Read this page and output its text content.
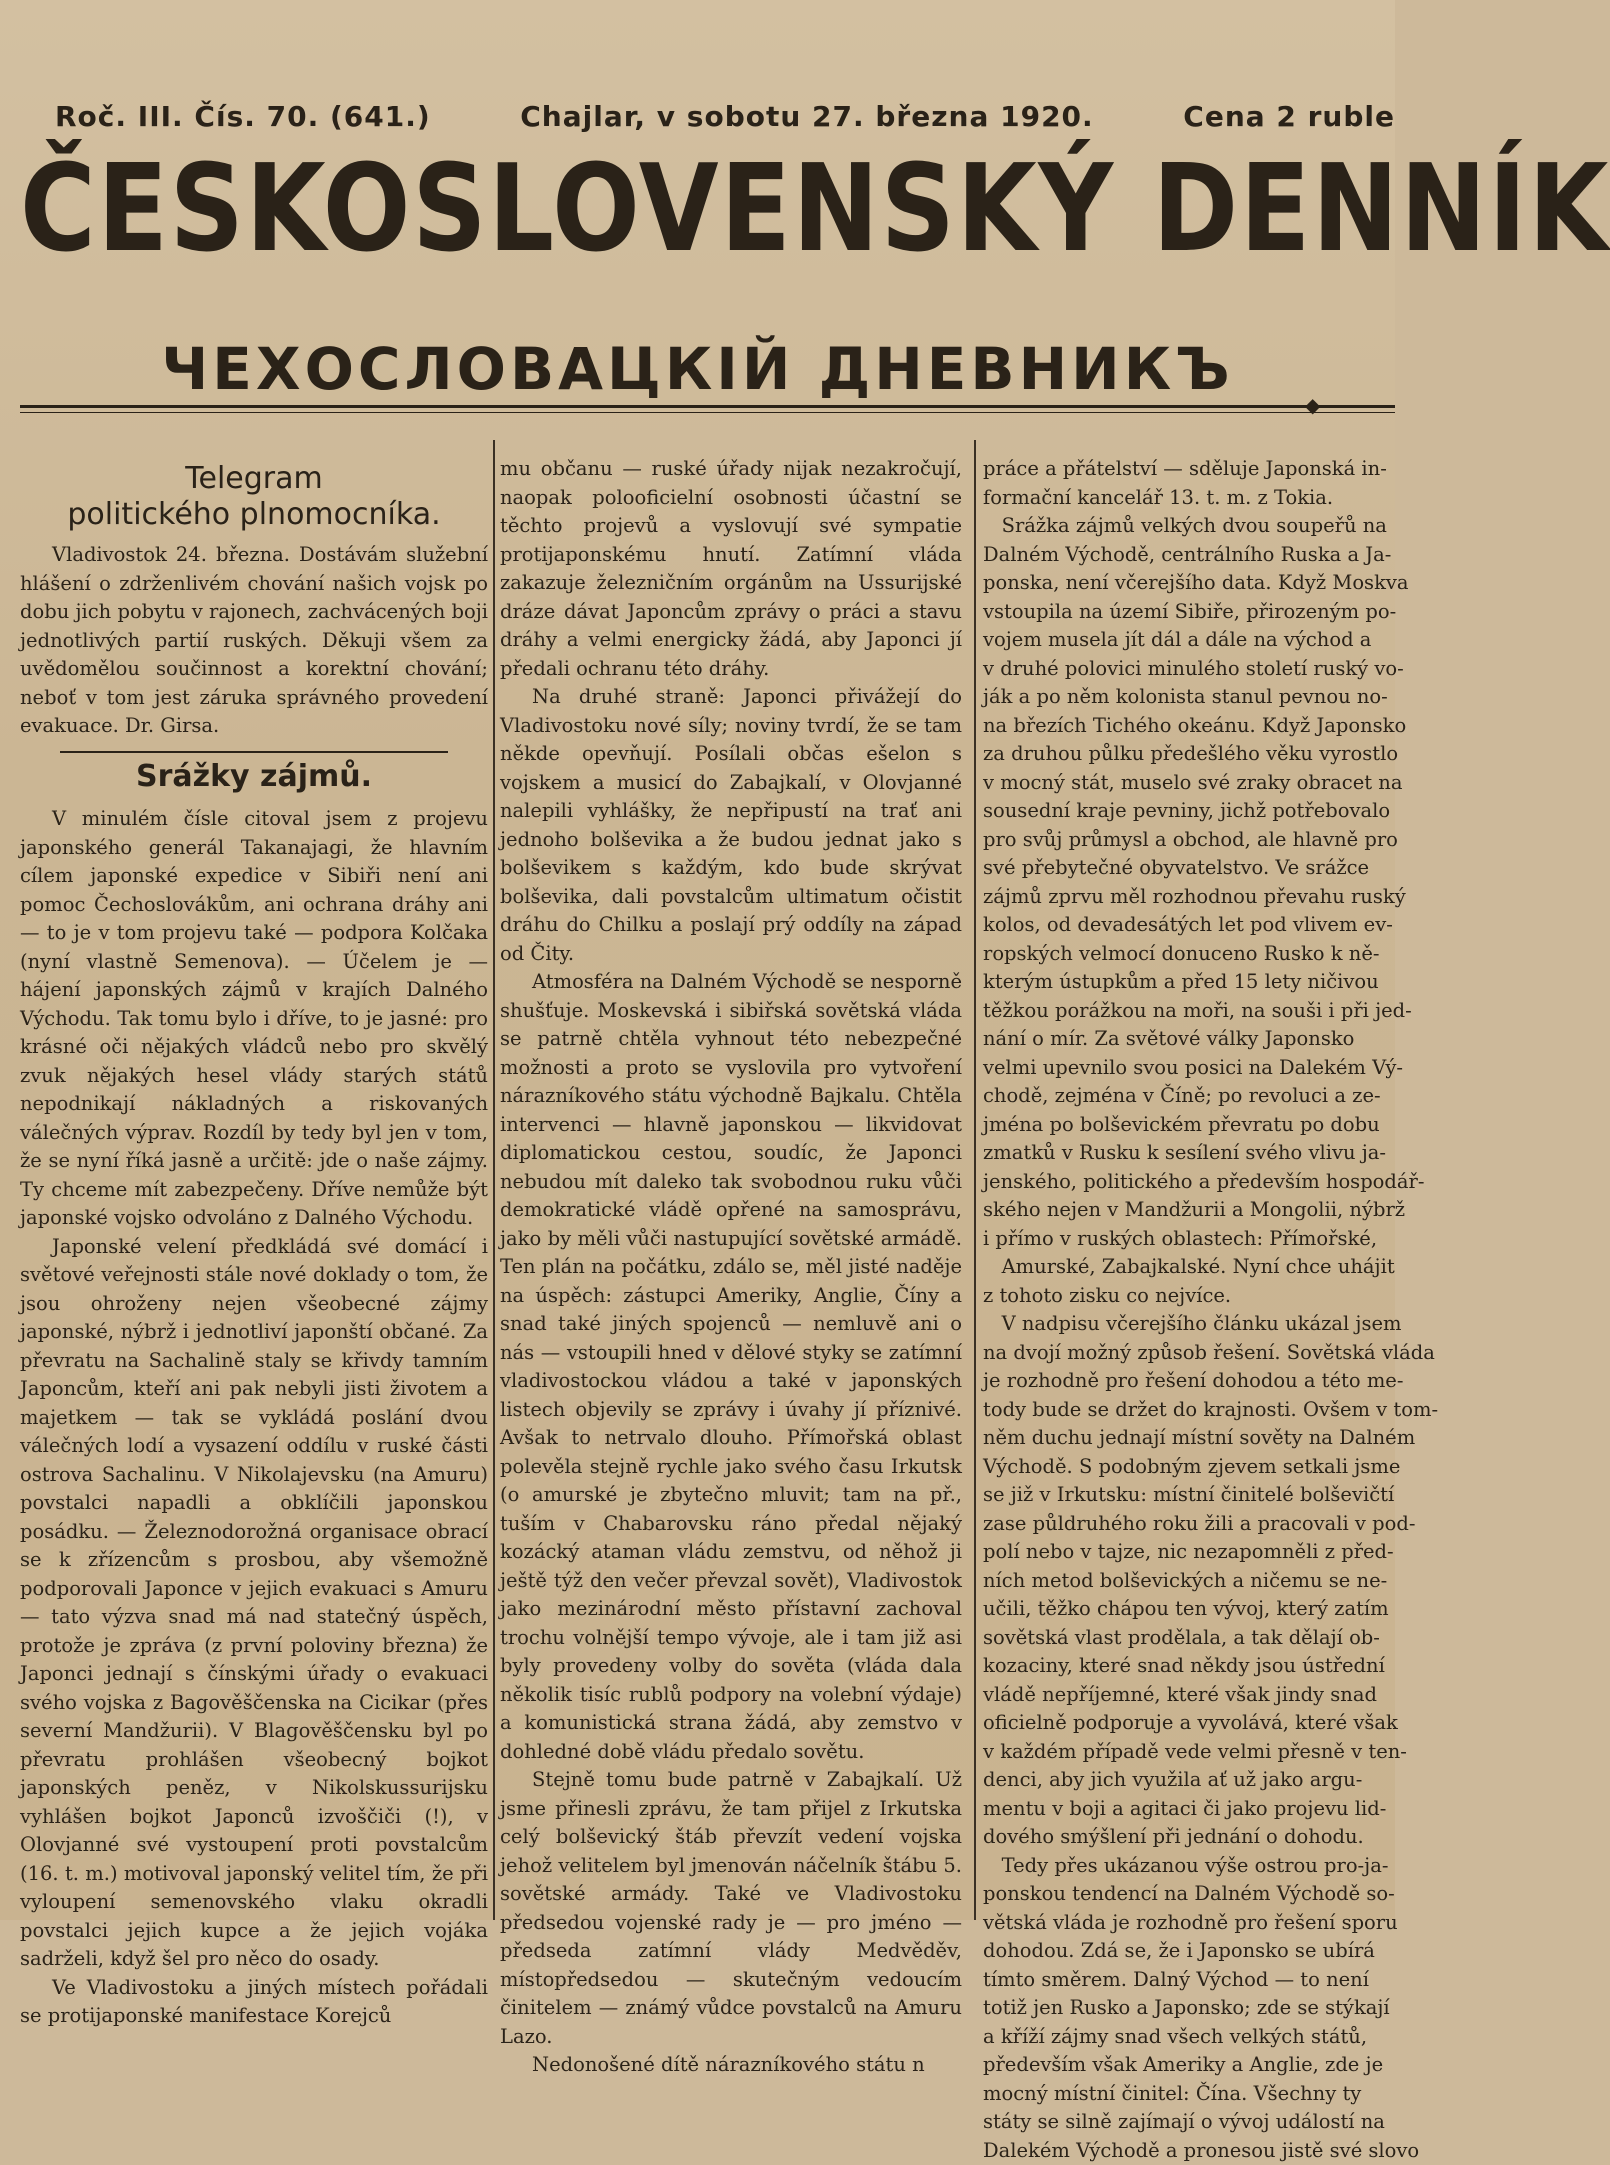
Roč. III. Čís. 70. (641.)	Chajlar, v sobotu 27. března 1920.	Cena 2 ruble
ČESKOSLOVENSKÝ DENNÍK
ЧЕХОСЛОВАЦКІЙ ДНЕВНИКЪ
◆
Telegram
politického plnomocníka.

Vladivostok 24. března. Dostávám služební hlášení o zdrženlivém chování našich vojsk po dobu jich pobytu v rajonech, zachvácených boji jednotlivých partií ruských. Děkuji všem za uvědomělou součinnost a korektní chování; neboť v tom jest záruka správného provedení evakuace. Dr. Girsa.

Srážky zájmů.

V minulém čísle citoval jsem z projevu japonského generál Takanajagi, že hlavním cílem japonské expedice v Sibiři není ani pomoc Čechoslovákům, ani ochrana dráhy ani — to je v tom projevu také — podpora Kolčaka (nyní vlastně Semenova). — Účelem je — hájení japonských zájmů v krajích Dalného Východu. Tak tomu bylo i dříve, to je jasné: pro krásné oči nějakých vládců nebo pro skvělý zvuk nějakých hesel vlády starých států nepodnikají nákladných a riskovaných válečných výprav. Rozdíl by tedy byl jen v tom, že se nyní říká jasně a určitě: jde o naše zájmy. Ty chceme mít zabezpečeny. Dříve nemůže být japonské vojsko odvoláno z Dalného Východu.

Japonské velení předkládá své domácí i světové veřejnosti stále nové doklady o tom, že jsou ohroženy nejen všeobecné zájmy japonské, nýbrž i jednotliví japonští občané. Za převratu na Sachalině staly se křivdy tamním Japoncům, kteří ani pak nebyli jisti životem a majetkem — tak se vykládá poslání dvou válečných lodí a vysazení oddílu v ruské části ostrova Sachalinu. V Nikolajevsku (na Amuru) povstalci napadli a obklíčili japonskou posádku. — Železnodorožná organisace obrací se k zřízencům s prosbou, aby všemožně podporovali Japonce v jejich evakuaci s Amuru — tato výzva snad má nad statečný úspěch, protože je zpráva (z první poloviny března) že Japonci jednají s čínskými úřady o evakuaci svého vojska z Bagověščenska na Cicikar (přes severní Mandžurii). V Blagověščensku byl po převratu prohlášen všeobecný bojkot japonských peněz, v Nikolskussurijsku vyhlášen bojkot Japonců izvoščiči (!), v Olovjanné své vystoupení proti povstalcům (16. t. m.) motivoval japonský velitel tím, že při vyloupení semenovského vlaku okradli povstalci jejich kupce a že jejich vojáka sadrželi, když šel pro něco do osady.

Ve Vladivostoku a jiných místech pořádali se protijaponské manifestace Korejců

mu občanu — ruské úřady nijak nezakročují, naopak polooficielní osobnosti účastní se těchto projevů a vyslovují své sympatie protijaponskému hnutí. Zatímní vláda zakazuje železničním orgánům na Ussurijské dráze dávat Japoncům zprávy o práci a stavu dráhy a velmi energicky žádá, aby Japonci jí předali ochranu této dráhy.

Na druhé straně: Japonci přivážejí do Vladivostoku nové síly; noviny tvrdí, že se tam někde opevňují. Posílali občas ešelon s vojskem a musicí do Zabajkalí, v Olovjanné nalepili vyhlášky, že nepřipustí na trať ani jednoho bolševika a že budou jednat jako s bolševikem s každým, kdo bude skrývat bolševika, dali povstalcům ultimatum očistit dráhu do Chilku a poslají prý oddíly na západ od Čity.

Atmosféra na Dalném Východě se nesporně shušťuje. Moskevská i sibiřská sovětská vláda se patrně chtěla vyhnout této nebezpečné možnosti a proto se vyslovila pro vytvoření nárazníkového státu východně Bajkalu. Chtěla intervenci — hlavně japonskou — likvidovat diplomatickou cestou, soudíc, že Japonci nebudou mít daleko tak svobodnou ruku vůči demokratické vládě opřené na samosprávu, jako by měli vůči nastupující sovětské armádě. Ten plán na počátku, zdálo se, měl jisté naděje na úspěch: zástupci Ameriky, Anglie, Číny a snad také jiných spojenců — nemluvě ani o nás — vstoupili hned v dělové styky se zatímní vladivostockou vládou a také v japonských listech objevily se zprávy i úvahy jí příznivé. Avšak to netrvalo dlouho. Přímořská oblast polevěla stejně rychle jako svého času Irkutsk (o amurské je zbytečno mluvit; tam na př., tuším v Chabarovsku ráno předal nějaký kozácký ataman vládu zemstvu, od něhož ji ještě týž den večer převzal sovět), Vladivostok jako mezinárodní město přístavní zachoval trochu volnější tempo vývoje, ale i tam již asi byly provedeny volby do sověta (vláda dala několik tisíc rublů podpory na volební výdaje) a komunistická strana žádá, aby zemstvo v dohledné době vládu předalo sovětu.

Stejně tomu bude patrně v Zabajkalí. Už jsme přinesli zprávu, že tam přijel z Irkutska celý bolševický štáb převzít vedení vojska jehož velitelem byl jmenován náčelník štábu 5. sovětské armády. Také ve Vladivostoku předsedou vojenské rady je — pro jméno — předseda zatímní vlády Medvěděv, místopředsedou — skutečným vedoucím činitelem — známý vůdce povstalců na Amuru Lazo.

Nedonošené dítě nárazníkového státu n

práce a přátelství — sděluje Japonská in-
formační kancelář 13. t. m. z Tokia.
Srážka zájmů velkých dvou soupeřů na
Dalném Východě, centrálního Ruska a Ja-
ponska, není včerejšího data. Když Moskva
vstoupila na území Sibiře, přirozeným po-
vojem musela jít dál a dále na východ a
v druhé polovici minulého století ruský vo-
ják a po něm kolonista stanul pevnou no-
na březích Tichého okeánu. Když Japonsko
za druhou půlku předešlého věku vyrostlo
v mocný stát, muselo své zraky obracet na
sousední kraje pevniny, jichž potřebovalo
pro svůj průmysl a obchod, ale hlavně pro
své přebytečné obyvatelstvo. Ve srážce
zájmů zprvu měl rozhodnou převahu ruský
kolos, od devadesátých let pod vlivem ev-
ropských velmocí donuceno Rusko k ně-
kterým ústupkům a před 15 lety ničivou
těžkou porážkou na moři, na souši i při jed-
nání o mír. Za světové války Japonsko
velmi upevnilo svou posici na Dalekém Vý-
chodě, zejména v Číně; po revoluci a ze-
jména po bolševickém převratu po dobu
zmatků v Rusku k sesílení svého vlivu ja-
jenského, politického a především hospodář-
ského nejen v Mandžurii a Mongolii, nýbrž
i přímo v ruských oblastech: Přímořské,
Amurské, Zabajkalské. Nyní chce uhájit
z tohoto zisku co nejvíce.
V nadpisu včerejšího článku ukázal jsem
na dvojí možný způsob řešení. Sovětská vláda
je rozhodně pro řešení dohodou a této me-
tody bude se držet do krajnosti. Ovšem v tom-
něm duchu jednají místní sověty na Dalném
Východě. S podobným zjevem setkali jsme
se již v Irkutsku: místní činitelé bolševičtí
zase půldruhého roku žili a pracovali v pod-
polí nebo v tajze, nic nezapomněli z před-
ních metod bolševických a ničemu se ne-
učili, těžko chápou ten vývoj, který zatím
sovětská vlast prodělala, a tak dělají ob-
kozaciny, které snad někdy jsou ústřední
vládě nepříjemné, které však jindy snad
oficielně podporuje a vyvolává, které však
v každém případě vede velmi přesně v ten-
denci, aby jich využila ať už jako argu-
mentu v boji a agitaci či jako projevu lid-
dového smýšlení při jednání o dohodu.
Tedy přes ukázanou výše ostrou pro-ja-
ponskou tendencí na Dalném Východě so-
větská vláda je rozhodně pro řešení sporu
dohodou. Zdá se, že i Japonsko se ubírá
tímto směrem. Dalný Východ — to není
totiž jen Rusko a Japonsko; zde se stýkají
a kříží zájmy snad všech velkých států,
především však Ameriky a Anglie, zde je
mocný místní činitel: Čína. Všechny ty
státy se silně zajímají o vývoj událostí na
Dalekém Východě a pronesou jistě své slovo
